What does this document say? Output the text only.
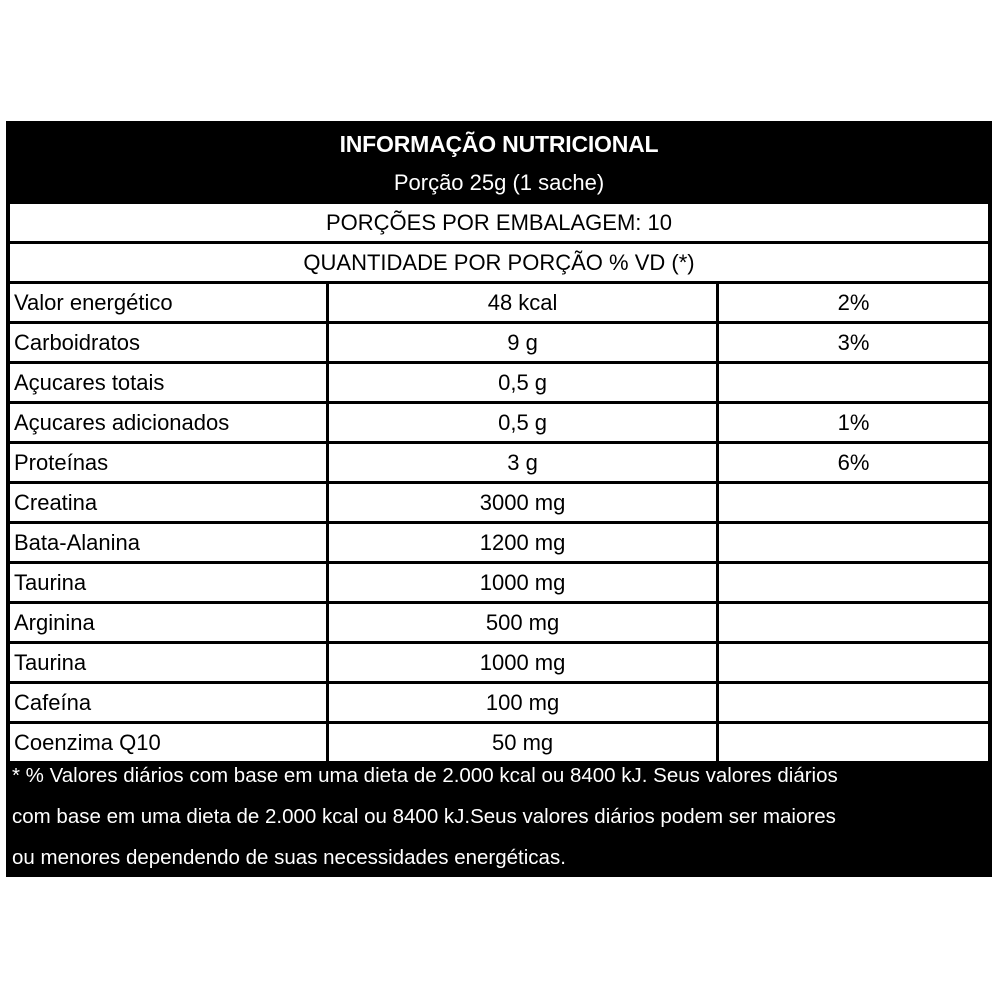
INFORMAÇÃO NUTRICIONAL
Porção 25g (1 sache)
PORÇÕES POR EMBALAGEM: 10
QUANTIDADE POR PORÇÃO % VD (*)
Valor energético	48 kcal	2%
Carboidratos	9 g	3%
Açucares totais	0,5 g	
Açucares adicionados	0,5 g	1%
Proteínas	3 g	6%
Creatina	3000 mg	
Bata-Alanina	1200 mg	
Taurina	1000 mg	
Arginina	500 mg	
Taurina	1000 mg	
Cafeína	100 mg	
Coenzima Q10	50 mg	
* % Valores diários com base em uma dieta de 2.000 kcal ou 8400 kJ. Seus valores diários
com base em uma dieta de 2.000 kcal ou 8400 kJ.Seus valores diários podem ser maiores
ou menores dependendo de suas necessidades energéticas.
